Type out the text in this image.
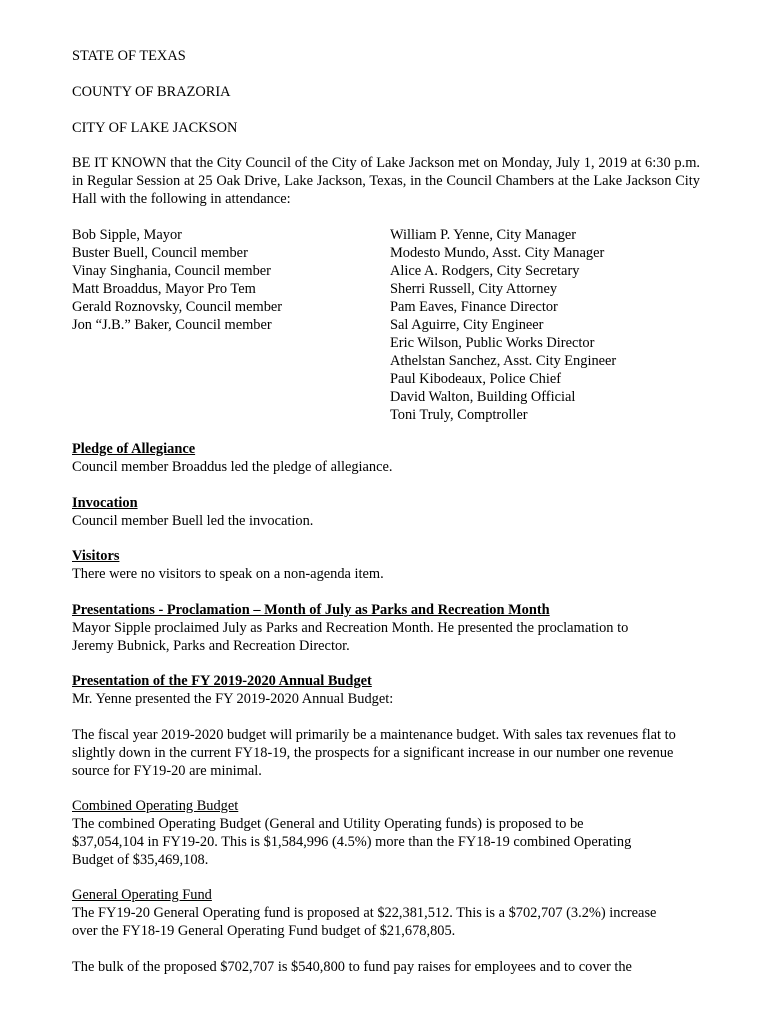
STATE OF TEXAS
COUNTY OF BRAZORIA
CITY OF LAKE JACKSON

BE IT KNOWN that the City Council of the City of Lake Jackson met on Monday, July 1, 2019 at 6:30 p.m. in Regular Session at 25 Oak Drive, Lake Jackson, Texas, in the Council Chambers at the Lake Jackson City Hall with the following in attendance:

Bob Sipple, Mayor
Buster Buell, Council member
Vinay Singhania, Council member
Matt Broaddus, Mayor Pro Tem
Gerald Roznovsky, Council member
Jon “J.B.” Baker, Council member
William P. Yenne, City Manager
Modesto Mundo, Asst. City Manager
Alice A. Rodgers, City Secretary
Sherri Russell, City Attorney
Pam Eaves, Finance Director
Sal Aguirre, City Engineer
Eric Wilson, Public Works Director
Athelstan Sanchez, Asst. City Engineer
Paul Kibodeaux, Police Chief
David Walton, Building Official
Toni Truly, Comptroller
Pledge of Allegiance
Council member Broaddus led the pledge of allegiance.
Invocation
Council member Buell led the invocation.
Visitors
There were no visitors to speak on a non-agenda item.
Presentations - Proclamation – Month of July as Parks and Recreation Month
Mayor Sipple proclaimed July as Parks and Recreation Month. He presented the proclamation to
Jeremy Bubnick, Parks and Recreation Director.
Presentation of the FY 2019-2020 Annual Budget
Mr. Yenne presented the FY 2019-2020 Annual Budget:
The fiscal year 2019-2020 budget will primarily be a maintenance budget. With sales tax revenues flat to
slightly down in the current FY18-19, the prospects for a significant increase in our number one revenue
source for FY19-20 are minimal.
Combined Operating Budget
The combined Operating Budget (General and Utility Operating funds) is proposed to be
$37,054,104 in FY19-20. This is $1,584,996 (4.5%) more than the FY18-19 combined Operating
Budget of $35,469,108.
General Operating Fund
The FY19-20 General Operating fund is proposed at $22,381,512. This is a $702,707 (3.2%) increase
over the FY18-19 General Operating Fund budget of $21,678,805.
The bulk of the proposed $702,707 is $540,800 to fund pay raises for employees and to cover the
